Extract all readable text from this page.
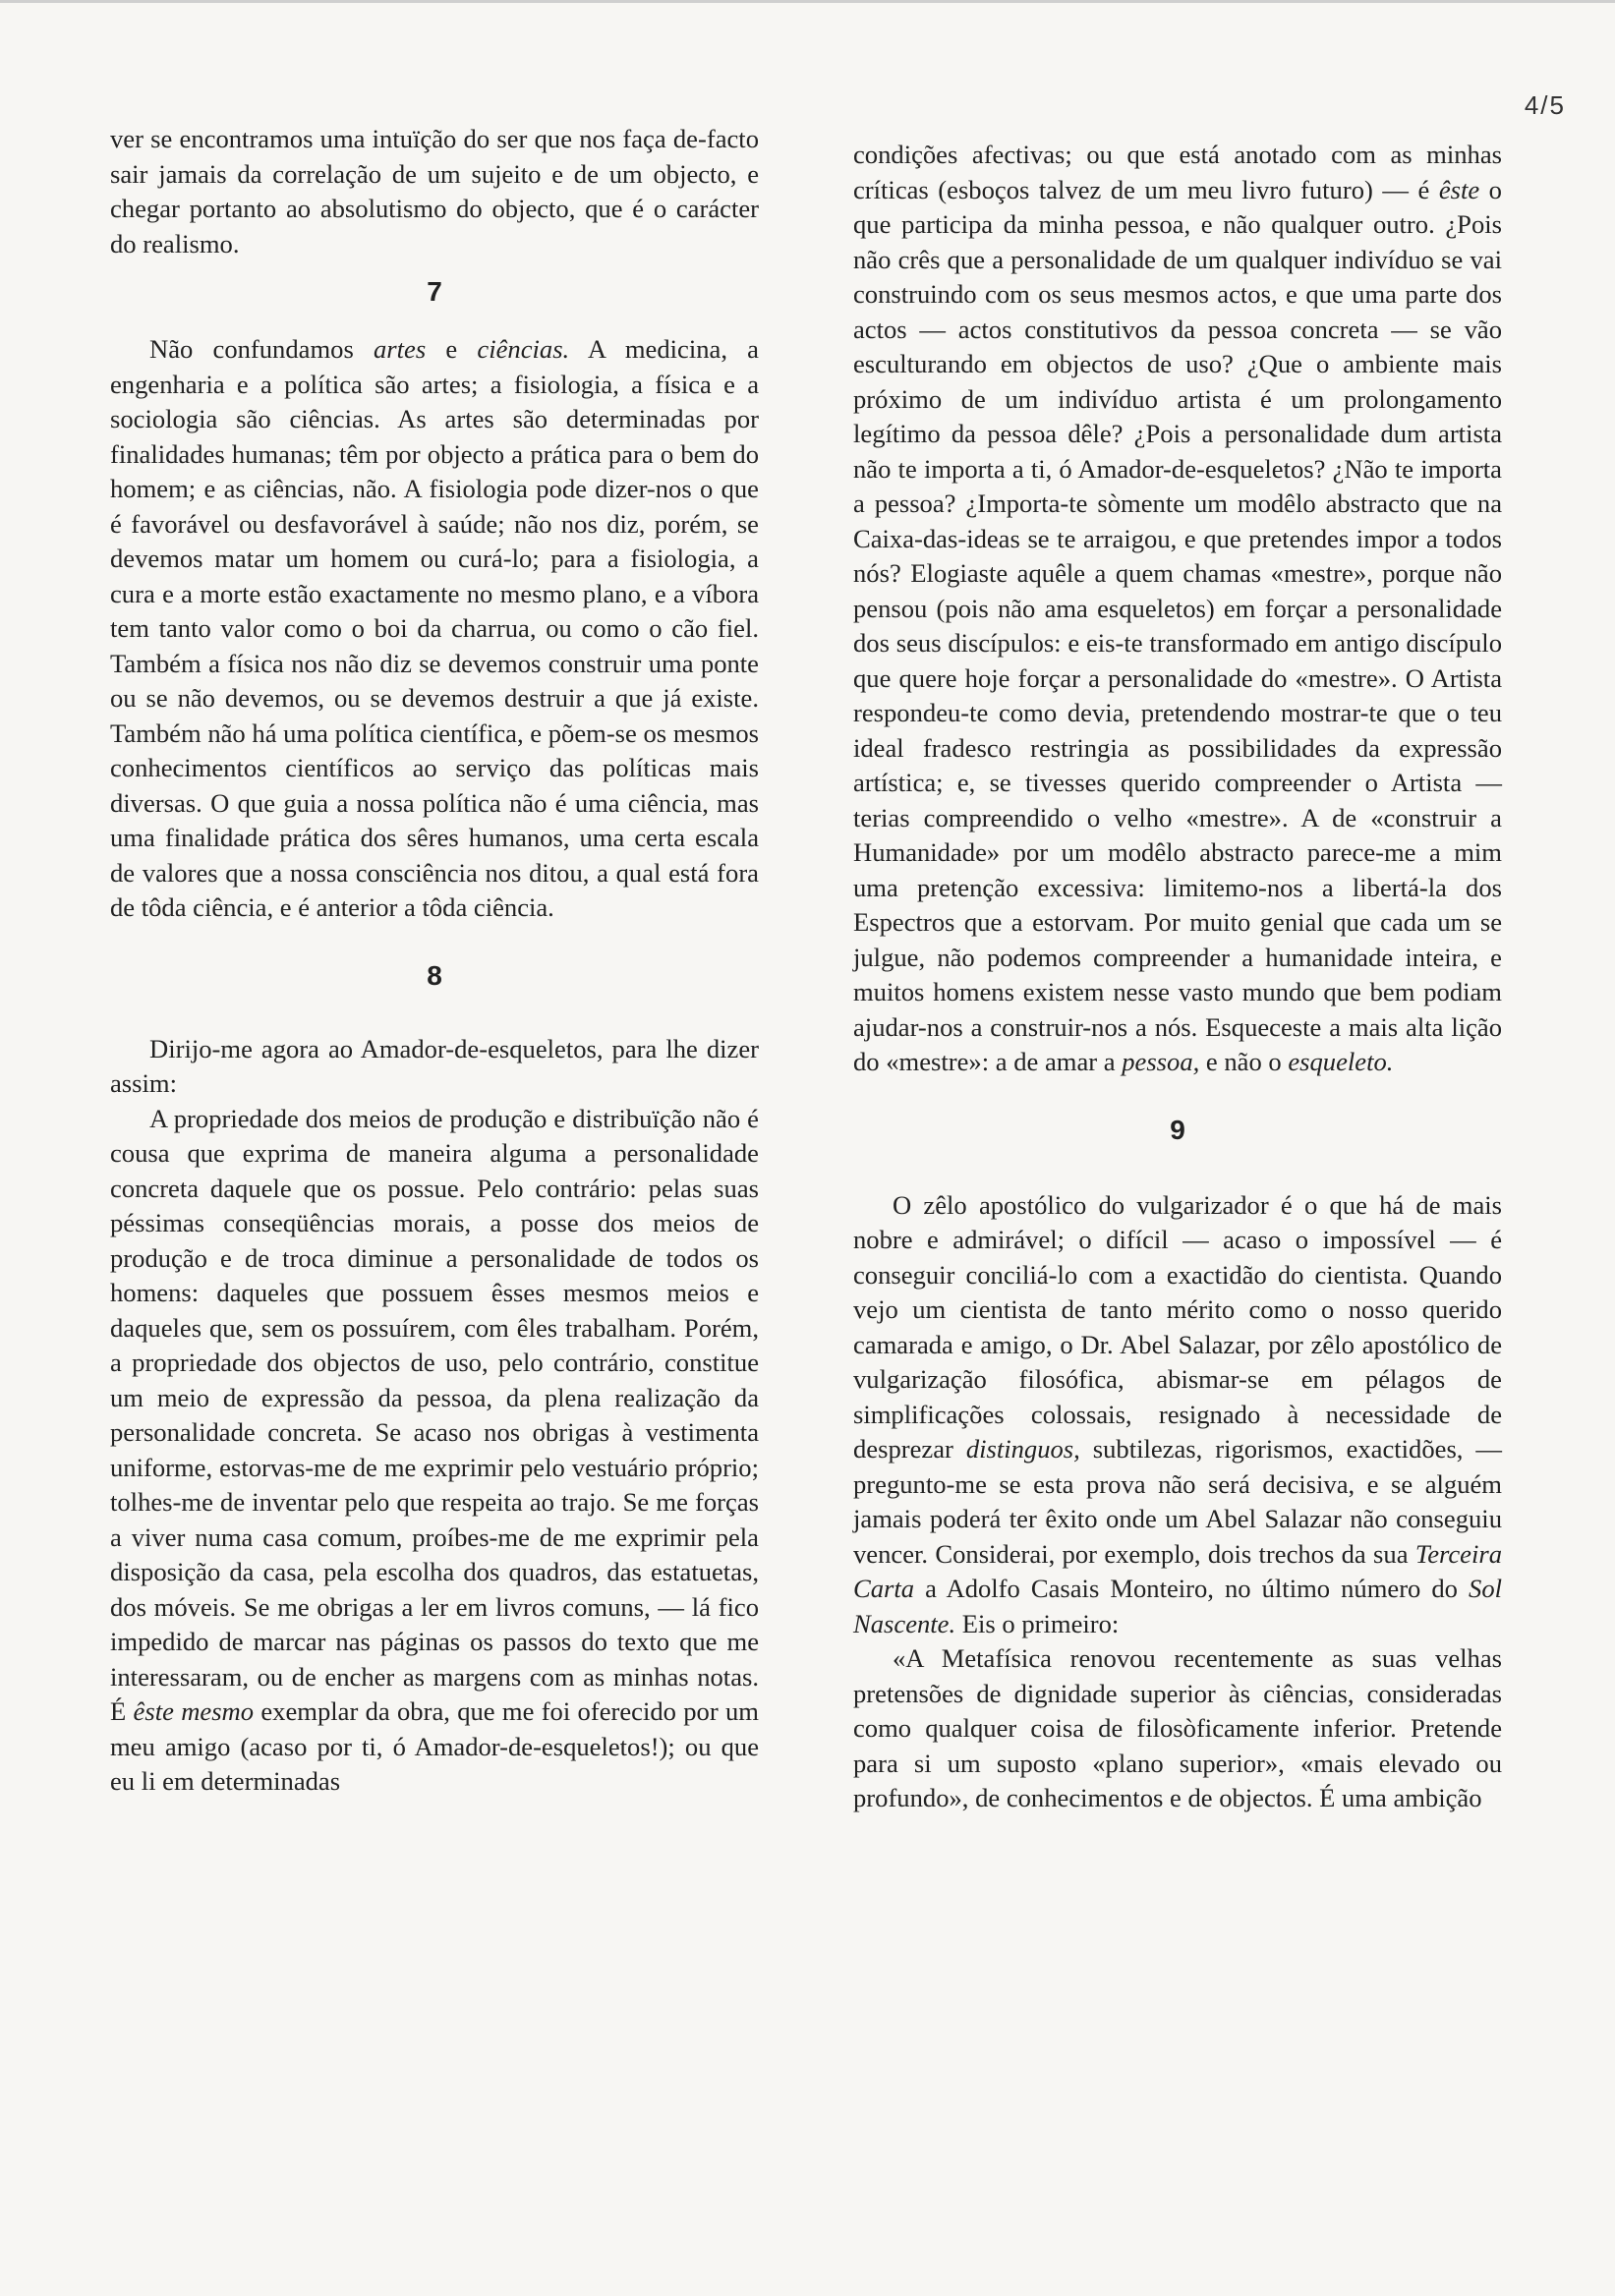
4/5

ver se encontramos uma intuïção do ser que nos faça de-facto sair jamais da correlação de um sujeito e de um objecto, e chegar portanto ao absolutismo do objecto, que é o carácter do realismo.

7

Não confundamos artes e ciências. A medicina, a engenharia e a política são artes; a fisiologia, a física e a sociologia são ciências. As artes são determinadas por finalidades humanas; têm por objecto a prática para o bem do homem; e as ciências, não. A fisiologia pode dizer-nos o que é favorável ou desfavorável à saúde; não nos diz, porém, se devemos matar um homem ou curá-lo; para a fisiologia, a cura e a morte estão exactamente no mesmo plano, e a víbora tem tanto valor como o boi da charrua, ou como o cão fiel. Também a física nos não diz se devemos construir uma ponte ou se não devemos, ou se devemos destruir a que já existe. Também não há uma política científica, e põem-se os mesmos conhecimentos científicos ao serviço das políticas mais diversas. O que guia a nossa política não é uma ciência, mas uma finalidade prática dos sêres humanos, uma certa escala de valores que a nossa consciência nos ditou, a qual está fora de tôda ciência, e é anterior a tôda ciência.

8

Dirijo-me agora ao Amador-de-esqueletos, para lhe dizer assim:

A propriedade dos meios de produção e distribuïção não é cousa que exprima de maneira alguma a personalidade concreta daquele que os possue. Pelo contrário: pelas suas péssimas conseqüências morais, a posse dos meios de produção e de troca diminue a personalidade de todos os homens: daqueles que possuem êsses mesmos meios e daqueles que, sem os possuírem, com êles trabalham. Porém, a propriedade dos objectos de uso, pelo contrário, constitue um meio de expressão da pessoa, da plena realização da personalidade concreta. Se acaso nos obrigas à vestimenta uniforme, estorvas-me de me exprimir pelo vestuário próprio; tolhes-me de inventar pelo que respeita ao trajo. Se me forças a viver numa casa comum, proíbes-me de me exprimir pela disposição da casa, pela escolha dos quadros, das estatuetas, dos móveis. Se me obrigas a ler em livros comuns, — lá fico impedido de marcar nas páginas os passos do texto que me interessaram, ou de encher as margens com as minhas notas. É êste mesmo exemplar da obra, que me foi oferecido por um meu amigo (acaso por ti, ó Amador-de-esqueletos!); ou que eu li em determinadas

condições afectivas; ou que está anotado com as minhas críticas (esboços talvez de um meu livro futuro) — é êste o que participa da minha pessoa, e não qualquer outro. ¿Pois não crês que a personalidade de um qualquer indivíduo se vai construindo com os seus mesmos actos, e que uma parte dos actos — actos constitutivos da pessoa concreta — se vão esculturando em objectos de uso? ¿Que o ambiente mais próximo de um indivíduo artista é um prolongamento legítimo da pessoa dêle? ¿Pois a personalidade dum artista não te importa a ti, ó Amador-de-esqueletos? ¿Não te importa a pessoa? ¿Importa-te sòmente um modêlo abstracto que na Caixa-das-ideas se te arraigou, e que pretendes impor a todos nós? Elogiaste aquêle a quem chamas «mestre», porque não pensou (pois não ama esqueletos) em forçar a personalidade dos seus discípulos: e eis-te transformado em antigo discípulo que quere hoje forçar a personalidade do «mestre». O Artista respondeu-te como devia, pretendendo mostrar-te que o teu ideal fradesco restringia as possibilidades da expressão artística; e, se tivesses querido compreender o Artista — terias compreendido o velho «mestre». A de «construir a Humanidade» por um modêlo abstracto parece-me a mim uma pretenção excessiva: limitemo-nos a libertá-la dos Espectros que a estorvam. Por muito genial que cada um se julgue, não podemos compreender a humanidade inteira, e muitos homens existem nesse vasto mundo que bem podiam ajudar-nos a construir-nos a nós. Esqueceste a mais alta lição do «mestre»: a de amar a pessoa, e não o esqueleto.

9

O zêlo apostólico do vulgarizador é o que há de mais nobre e admirável; o difícil — acaso o impossível — é conseguir conciliá-lo com a exactidão do cientista. Quando vejo um cientista de tanto mérito como o nosso querido camarada e amigo, o Dr. Abel Salazar, por zêlo apostólico de vulgarização filosófica, abismar-se em pélagos de simplificações colossais, resignado à necessidade de desprezar distinguos, subtilezas, rigorismos, exactidões, — pregunto-me se esta prova não será decisiva, e se alguém jamais poderá ter êxito onde um Abel Salazar não conseguiu vencer. Considerai, por exemplo, dois trechos da sua Terceira Carta a Adolfo Casais Monteiro, no último número do Sol Nascente. Eis o primeiro:

«A Metafísica renovou recentemente as suas velhas pretensões de dignidade superior às ciências, consideradas como qualquer coisa de filosòficamente inferior. Pretende para si um suposto «plano superior», «mais elevado ou profundo», de conhecimentos e de objectos. É uma ambição
